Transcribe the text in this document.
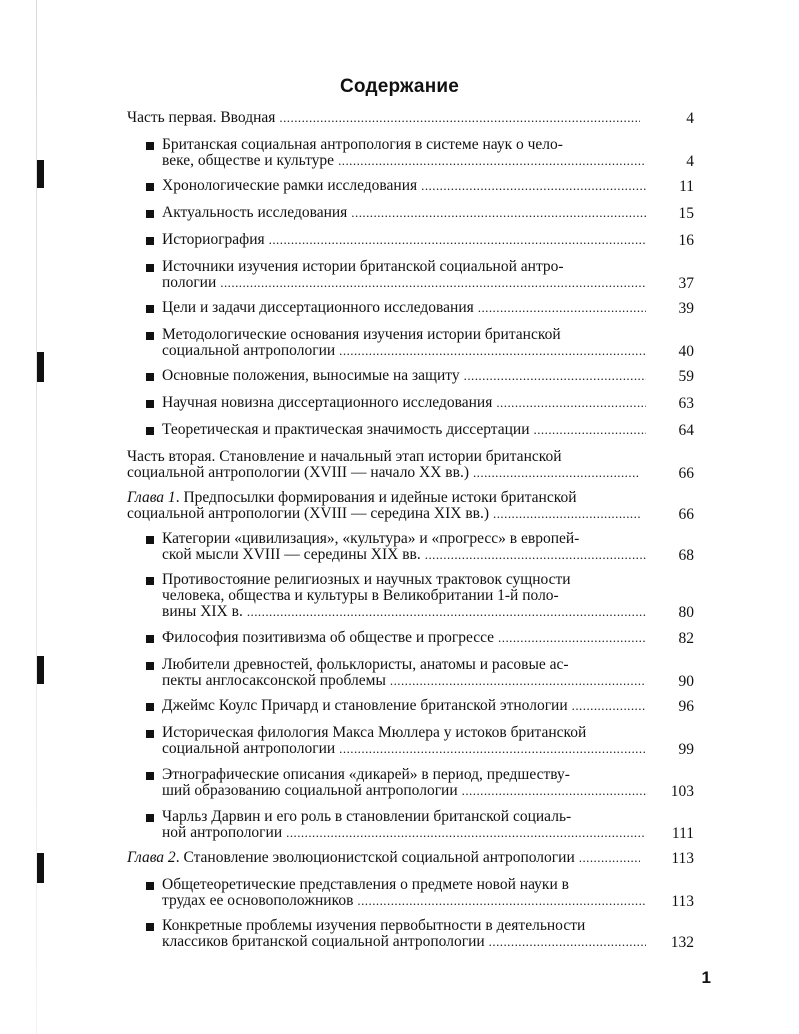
Содержание
Часть первая. Вводная . . .	4
Британская социальная антропология в системе наук о чело-
веке, обществе и культуре . . .	4
Хронологические рамки исследования . . .	11
Актуальность исследования . . .	15
Историография . . .	16
Источники изучения истории британской социальной антро-
пологии . . .	37
Цели и задачи диссертационного исследования . . .	39
Методологические основания изучения истории британской
социальной антропологии . . .	40
Основные положения, выносимые на защиту . . .	59
Научная новизна диссертационного исследования . . .	63
Теоретическая и практическая значимость диссертации . . .	64
Часть вторая. Становление и начальный этап истории британской
социальной антропологии (XVIII — начало XX вв.) . . .	66
Глава 1. Предпосылки формирования и идейные истоки британской
социальной антропологии (XVIII — середина XIX вв.) . . .	66
Категории «цивилизация», «культура» и «прогресс» в европей-
ской мысли XVIII — середины XIX вв. . . .	68
Противостояние религиозных и научных трактовок сущности
человека, общества и культуры в Великобритании 1-й поло-
вины XIX в. . . .	80
Философия позитивизма об обществе и прогрессе . . .	82
Любители древностей, фольклористы, анатомы и расовые ас-
пекты англосаксонской проблемы . . .	90
Джеймс Коулс Причард и становление британской этнологии . . .	96
Историческая филология Макса Мюллера у истоков британской
социальной антропологии . . .	99
Этнографические описания «дикарей» в период, предшеству-
ший образованию социальной антропологии . . .	103
Чарльз Дарвин и его роль в становлении британской социаль-
ной антропологии . . .	111
Глава 2. Становление эволюционистской социальной антропологии . . .	113
Общетеоретические представления о предмете новой науки в
трудах ее основоположников . . .	113
Конкретные проблемы изучения первобытности в деятельности
классиков британской социальной антропологии . . .	132
1
